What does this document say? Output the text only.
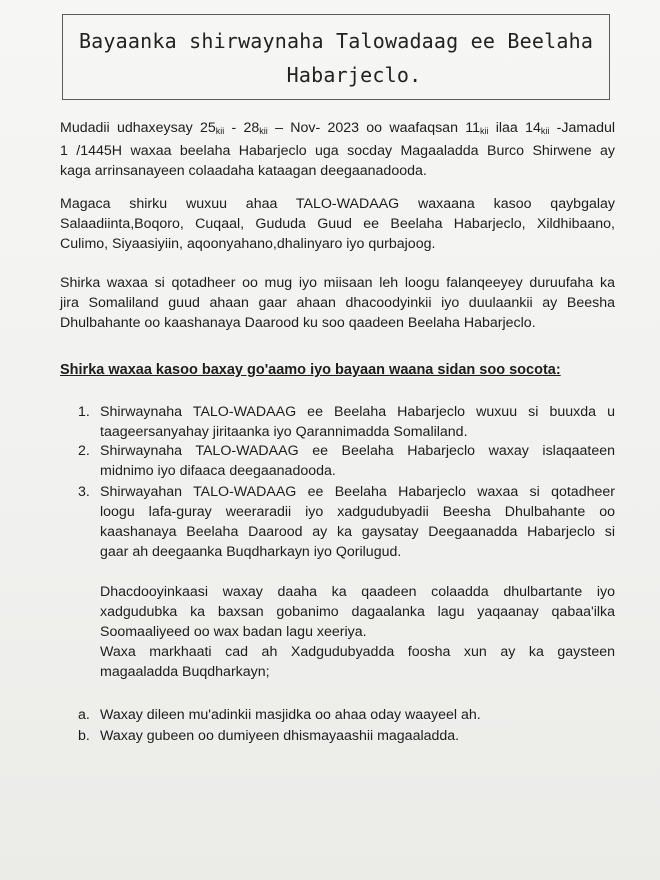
Bayaanka shirwaynaha Talowadaag ee Beelaha
Habarjeclo.
Mudadii udhaxeysay $25_{kii} - 28_{kii} - Nov-$ 2023 oo waafaqsan $11_{kii}$ ilaa $14_{kii}$ -Jamadul
1 /1445H waxaa beelaha Habarjeclo uga socday Magaaladda Burco Shirwene ay
kaga arrinsanayeen colaadaha kataagan deegaanadooda.
Magaca shirku wuxuu ahaa TALO-WADAAG waxaana kasoo qaybgalay
Salaadiinta,Boqoro, Cuqaal, Gududa Guud ee Beelaha Habarjeclo, Xildhibaano,
Culimo, Siyaasiyiin, aqoonyahano,dhalinyaro iyo qurbajoog.
Shirka waxaa si qotadheer oo mug iyo miisaan leh loogu falanqeeyey duruufaha ka
jira Somaliland guud ahaan gaar ahaan dhacoodyinkii iyo duulaankii ay Beesha
Dhulbahante oo kaashanaya Daarood ku soo qaadeen Beelaha Habarjeclo.
Shirka waxaa kasoo baxay go'aamo iyo bayaan waana sidan soo socota:
1. Shirwaynaha TALO-WADAAG ee Beelaha Habarjeclo wuxuu si buuxda u
taageersanyahay jiritaanka iyo Qarannimadda Somaliland.
2. Shirwaynaha TALO-WADAAG ee Beelaha Habarjeclo waxay islaqaateen
midnimo iyo difaaca deegaanadooda.
3. Shirwayahan TALO-WADAAG ee Beelaha Habarjeclo waxaa si qotadheer
loogu lafa-guray weeraradii iyo xadgudubyadii Beesha Dhulbahante oo
kaashanaya Beelaha Daarood ay ka gaysatay Deegaanadda Habarjeclo si
gaar ah deegaanka Buqdharkayn iyo Qorilugud.
Dhacdooyinkaasi waxay daaha ka qaadeen colaadda dhulbartante iyo
xadgudubka ka baxsan gobanimo dagaalanka lagu yaqaanay qabaa'ilka
Soomaaliyeed oo wax badan lagu xeeriya.
Waxa markhaati cad ah Xadgudubyadda foosha xun ay ka gaysteen
magaaladda Buqdharkayn;
a. Waxay dileen mu'adinkii masjidka oo ahaa oday waayeel ah.
b. Waxay gubeen oo dumiyeen dhismayaashii magaaladda.
